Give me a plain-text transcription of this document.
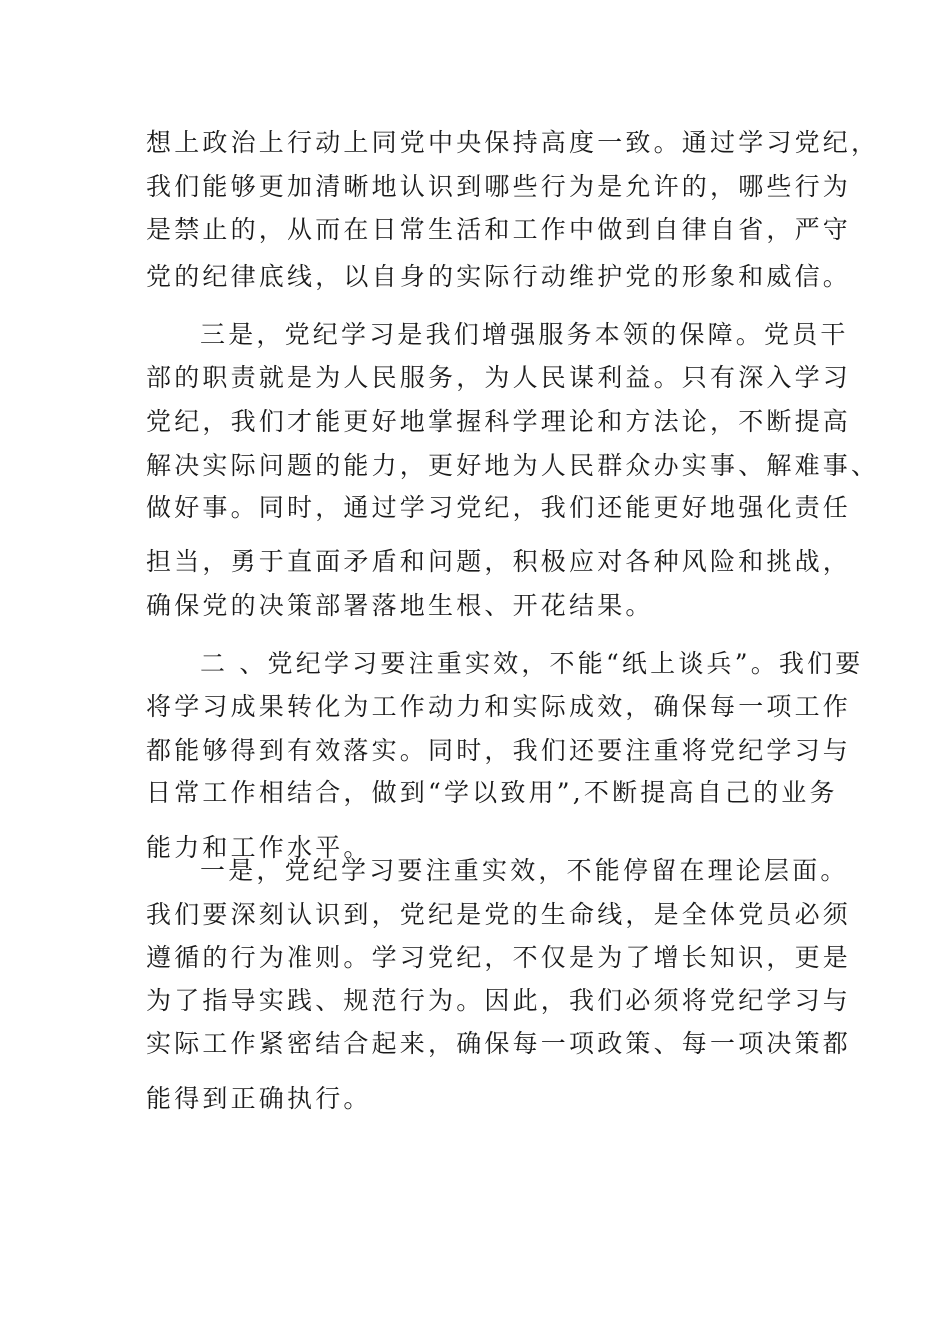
想上政治上行动上同党中央保持高度一致。通过学习党纪，
我们能够更加清晰地认识到哪些行为是允许的，哪些行为
是禁止的，从而在日常生活和工作中做到自律自省，严守
党的纪律底线，以自身的实际行动维护党的形象和威信。
三是，党纪学习是我们增强服务本领的保障。党员干
部的职责就是为人民服务，为人民谋利益。只有深入学习
党纪，我们才能更好地掌握科学理论和方法论，不断提高
解决实际问题的能力，更好地为人民群众办实事、解难事、
做好事。同时，通过学习党纪，我们还能更好地强化责任
担当，勇于直面矛盾和问题，积极应对各种风险和挑战，
确保党的决策部署落地生根、开花结果。
二 、党纪学习要注重实效，不能“纸上谈兵”。我们要
将学习成果转化为工作动力和实际成效，确保每一项工作
都能够得到有效落实。同时，我们还要注重将党纪学习与
日常工作相结合，做到“学以致用”,不断提高自己的业务
能力和工作水平。
一是，党纪学习要注重实效，不能停留在理论层面。
我们要深刻认识到，党纪是党的生命线，是全体党员必须
遵循的行为准则。学习党纪，不仅是为了增长知识，更是
为了指导实践、规范行为。因此，我们必须将党纪学习与
实际工作紧密结合起来，确保每一项政策、每一项决策都
能得到正确执行。
